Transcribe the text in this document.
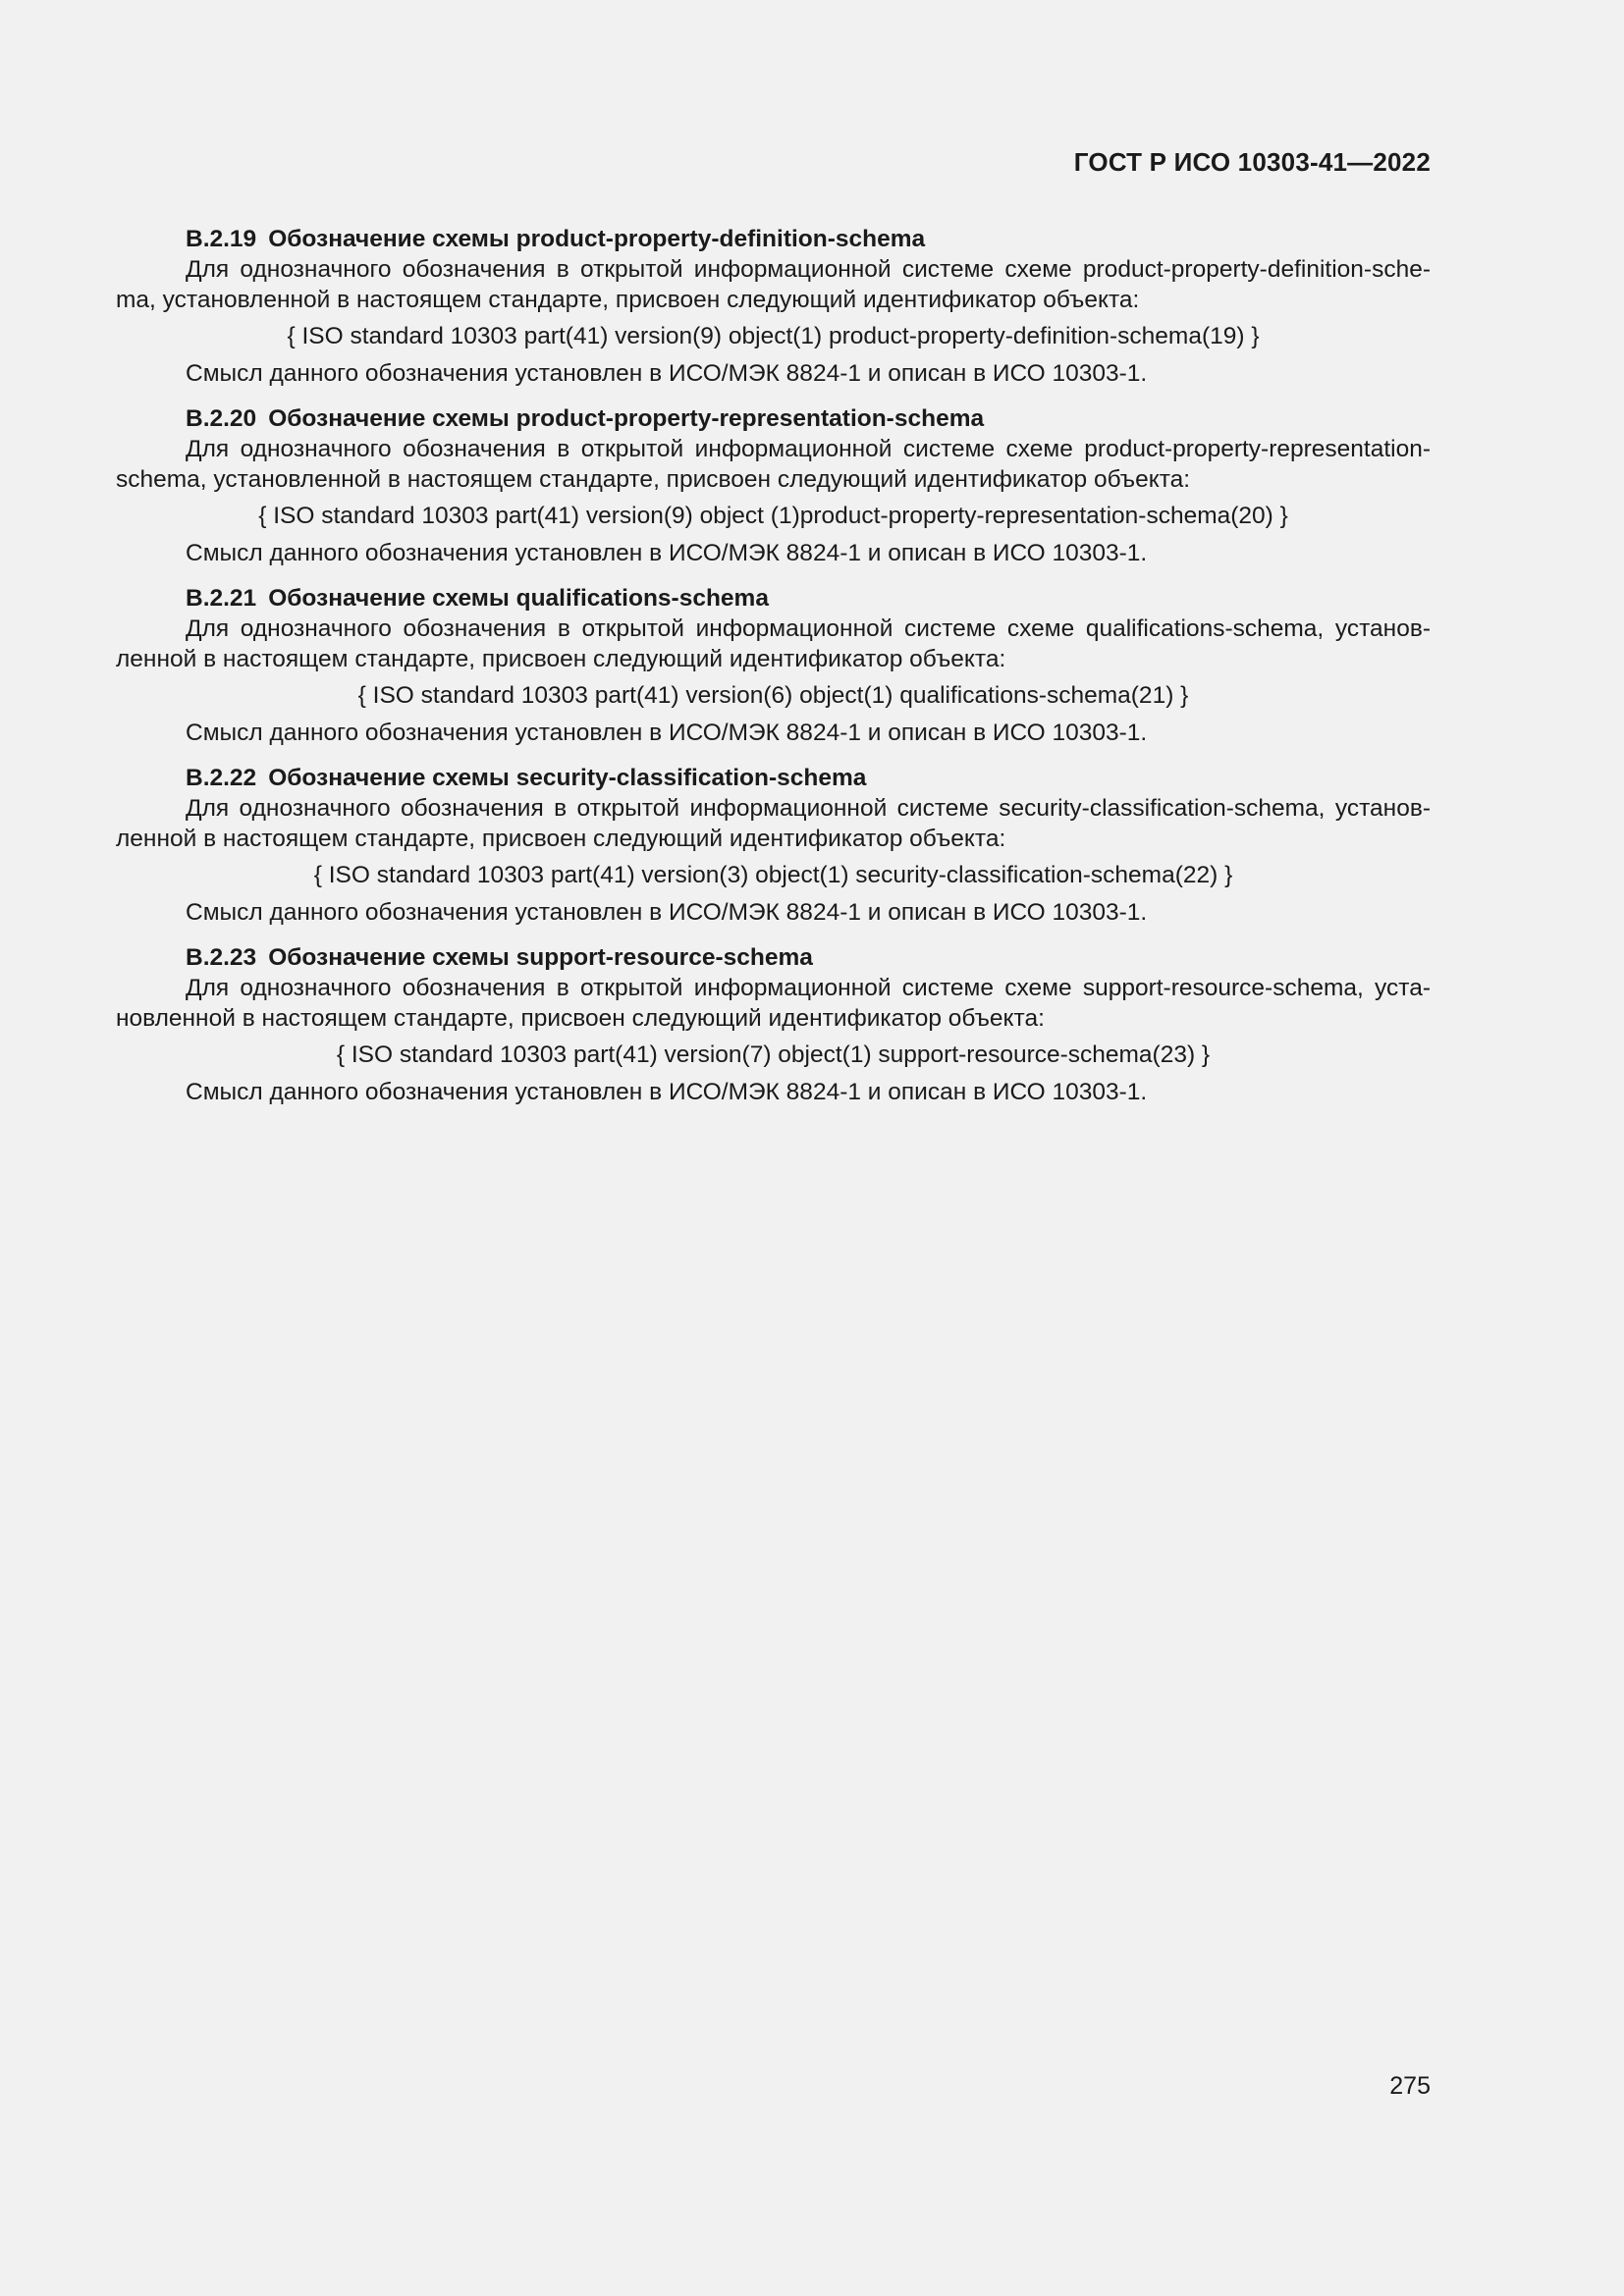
ГОСТ Р ИСО 10303-41—2022
B.2.19 Обозначение схемы product-property-definition-schema
Для однозначного обозначения в открытой информационной системе схеме product-property-definition-sche-ma, установленной в настоящем стандарте, присвоен следующий идентификатор объекта:
{ ISO standard 10303 part(41) version(9) object(1) product-property-definition-schema(19) }
Смысл данного обозначения установлен в ИСО/МЭК 8824-1 и описан в ИСО 10303-1.
B.2.20 Обозначение схемы product-property-representation-schema
Для однозначного обозначения в открытой информационной системе схеме product-property-representation-schema, установленной в настоящем стандарте, присвоен следующий идентификатор объекта:
{ ISO standard 10303 part(41) version(9) object (1)product-property-representation-schema(20) }
Смысл данного обозначения установлен в ИСО/МЭК 8824-1 и описан в ИСО 10303-1.
B.2.21 Обозначение схемы qualifications-schema
Для однозначного обозначения в открытой информационной системе схеме qualifications-schema, установ-ленной в настоящем стандарте, присвоен следующий идентификатор объекта:
{ ISO standard 10303 part(41) version(6) object(1) qualifications-schema(21) }
Смысл данного обозначения установлен в ИСО/МЭК 8824-1 и описан в ИСО 10303-1.
B.2.22 Обозначение схемы security-classification-schema
Для однозначного обозначения в открытой информационной системе security-classification-schema, установ-ленной в настоящем стандарте, присвоен следующий идентификатор объекта:
{ ISO standard 10303 part(41) version(3) object(1) security-classification-schema(22) }
Смысл данного обозначения установлен в ИСО/МЭК 8824-1 и описан в ИСО 10303-1.
B.2.23 Обозначение схемы support-resource-schema
Для однозначного обозначения в открытой информационной системе схеме support-resource-schema, уста-новленной в настоящем стандарте, присвоен следующий идентификатор объекта:
{ ISO standard 10303 part(41) version(7) object(1) support-resource-schema(23) }
Смысл данного обозначения установлен в ИСО/МЭК 8824-1 и описан в ИСО 10303-1.
275
